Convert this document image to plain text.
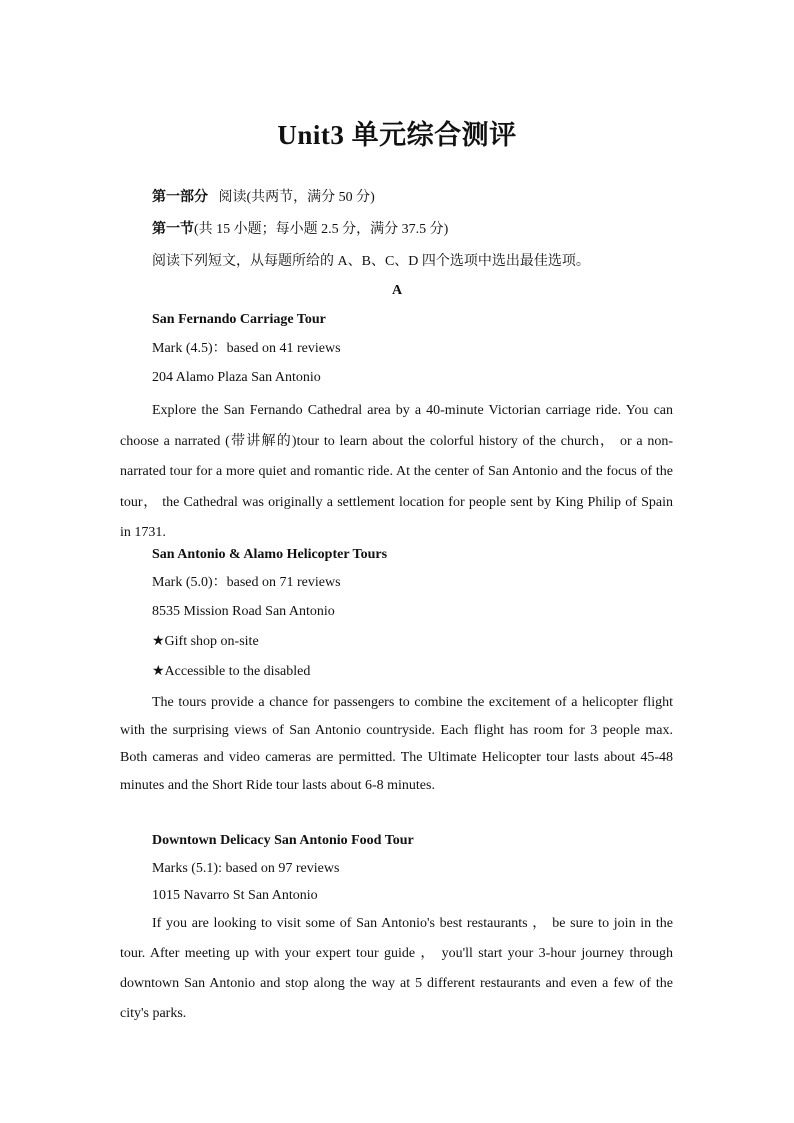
Unit3 单元综合测评
第一部分 阅读(共两节，满分 50 分)
第一节(共 15 小题；每小题 2.5 分，满分 37.5 分)
阅读下列短文，从每题所给的 A、B、C、D 四个选项中选出最佳选项。
A
San Fernando Carriage Tour
Mark (4.5)：based on 41 reviews
204 Alamo Plaza San Antonio

Explore the San Fernando Cathedral area by a 40-minute Victorian carriage ride. You can choose a narrated (带讲解的)tour to learn about the colorful history of the church， or a non-narrated tour for a more quiet and romantic ride. At the center of San Antonio and the focus of the tour， the Cathedral was originally a settlement location for people sent by King Philip of Spain in 1731.

San Antonio & Alamo Helicopter Tours
Mark (5.0)：based on 71 reviews
8535 Mission Road San Antonio
★Gift shop on-site
★Accessible to the disabled

The tours provide a chance for passengers to combine the excitement of a helicopter flight with the surprising views of San Antonio countryside. Each flight has room for 3 people max. Both cameras and video cameras are permitted. The Ultimate Helicopter tour lasts about 45-48 minutes and the Short Ride tour lasts about 6-8 minutes.

Downtown Delicacy San Antonio Food Tour
Marks (5.1): based on 97 reviews
1015 Navarro St San Antonio

If you are looking to visit some of San Antonio's best restaurants ， be sure to join in the tour. After meeting up with your expert tour guide ， you'll start your 3-hour journey through downtown San Antonio and stop along the way at 5 different restaurants and even a few of the city's parks.
